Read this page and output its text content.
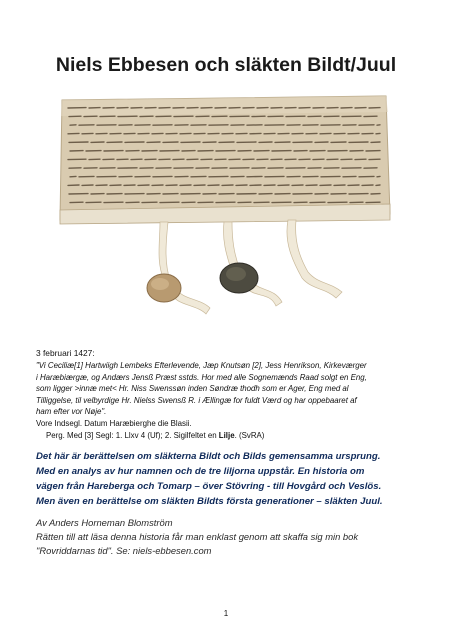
Niels Ebbesen och släkten Bildt/Juul

3 februari 1427:

"Vi Ceciliæ[1] Hartwiigh Lembeks Efterlevende, Jæp Knutsøn [2], Jess Henrikson, Kirkeværger

i Haræbiærgæ, og Andærs Jensß Præst sstds. Hor med alle Sognemænds Raad solgt en Eng,

som ligger >innæ met< Hr. Niss Swenssøn inden Søndræ thodh som er Ager, Eng med al

Tilliggelse, til velbyrdige Hr. Nielss Swensß R. i Ællingæ for fuldt Værd og har oppebaaret af

ham efter vor Nøje".

Vore Indsegl. Datum Haræbierghe die Blasii.

Perg. Med [3] Segl: 1. Llxv 4 (Uf); 2. Sigilfeltet en Lilje. (SvRA)

Det här är berättelsen om släkterna Bildt och Bilds gemensamma ursprung.
Med en analys av hur namnen och de tre liljorna uppstår. En historia om
vägen från Hareberga och Tomarp – över Stövring - till Hovgård och Veslös.
Men även en berättelse om släkten Bildts första generationer – släkten Juul.
Av Anders Horneman Blomström
Rätten till att läsa denna historia får man enklast genom att skaffa sig min bok
"Rovriddarnas tid". Se: niels-ebbesen.com
1
